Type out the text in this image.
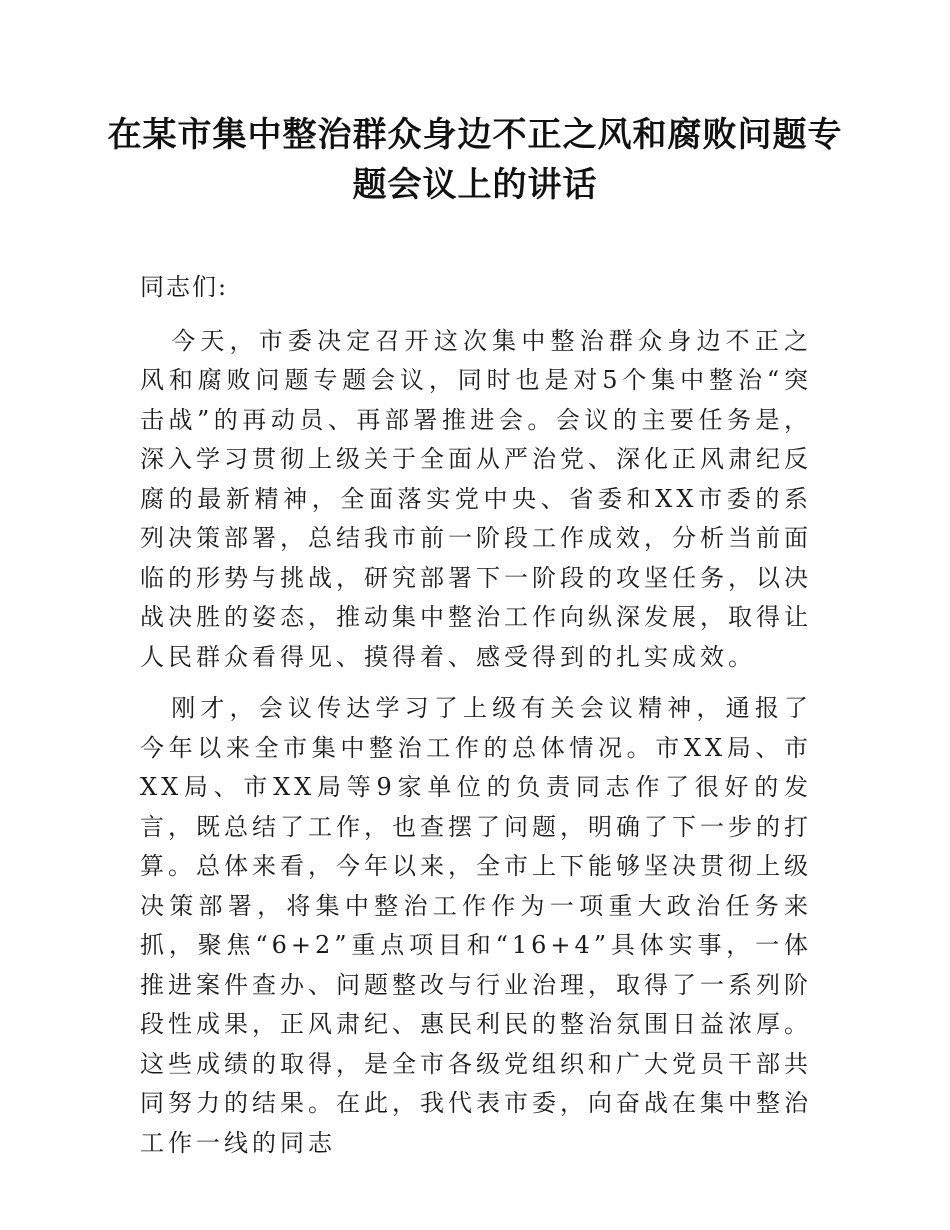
在某市集中整治群众身边不正之风和腐败问题专题会议上的讲话

同志们:

今天，市委决定召开这次集中整治群众身边不正之风和腐败问题专题会议，同时也是对5个集中整治“突击战”的再动员、再部署推进会。会议的主要任务是，深入学习贯彻上级关于全面从严治党、深化正风肃纪反腐的最新精神，全面落实党中央、省委和XX市委的系列决策部署，总结我市前一阶段工作成效，分析当前面临的形势与挑战，研究部署下一阶段的攻坚任务，以决战决胜的姿态，推动集中整治工作向纵深发展，取得让人民群众看得见、摸得着、感受得到的扎实成效。

刚才，会议传达学习了上级有关会议精神，通报了今年以来全市集中整治工作的总体情况。市XX局、市XX局、市XX局等9家单位的负责同志作了很好的发言，既总结了工作，也查摆了问题，明确了下一步的打算。总体来看，今年以来，全市上下能够坚决贯彻上级决策部署，将集中整治工作作为一项重大政治任务来抓，聚焦“6+2”重点项目和“16+4”具体实事，一体推进案件查办、问题整改与行业治理，取得了一系列阶段性成果，正风肃纪、惠民利民的整治氛围日益浓厚。这些成绩的取得，是全市各级党组织和广大党员干部共同努力的结果。在此，我代表市委，向奋战在集中整治工作一线的同志
